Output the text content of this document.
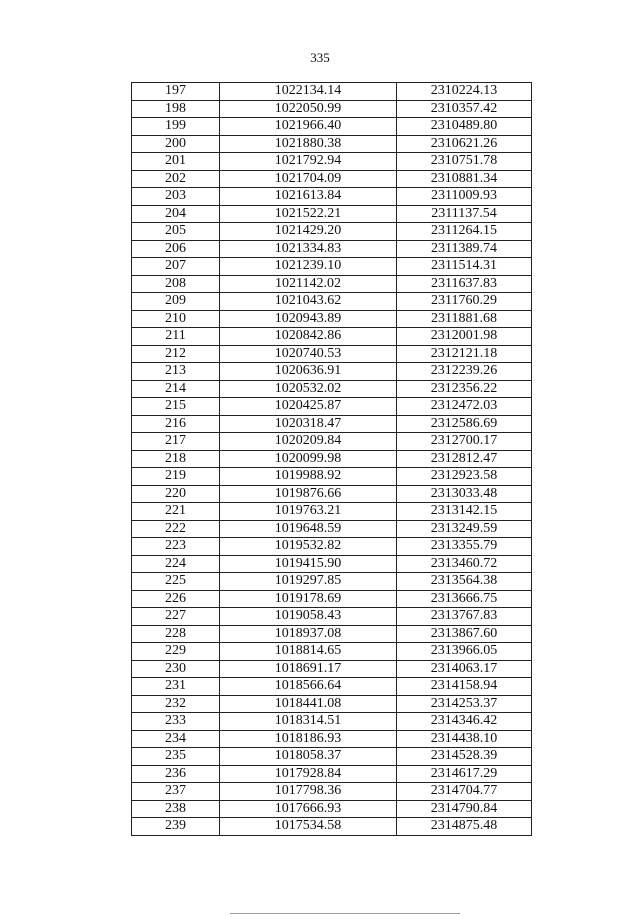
335
197	1022134.14	2310224.13
198	1022050.99	2310357.42
199	1021966.40	2310489.80
200	1021880.38	2310621.26
201	1021792.94	2310751.78
202	1021704.09	2310881.34
203	1021613.84	2311009.93
204	1021522.21	2311137.54
205	1021429.20	2311264.15
206	1021334.83	2311389.74
207	1021239.10	2311514.31
208	1021142.02	2311637.83
209	1021043.62	2311760.29
210	1020943.89	2311881.68
211	1020842.86	2312001.98
212	1020740.53	2312121.18
213	1020636.91	2312239.26
214	1020532.02	2312356.22
215	1020425.87	2312472.03
216	1020318.47	2312586.69
217	1020209.84	2312700.17
218	1020099.98	2312812.47
219	1019988.92	2312923.58
220	1019876.66	2313033.48
221	1019763.21	2313142.15
222	1019648.59	2313249.59
223	1019532.82	2313355.79
224	1019415.90	2313460.72
225	1019297.85	2313564.38
226	1019178.69	2313666.75
227	1019058.43	2313767.83
228	1018937.08	2313867.60
229	1018814.65	2313966.05
230	1018691.17	2314063.17
231	1018566.64	2314158.94
232	1018441.08	2314253.37
233	1018314.51	2314346.42
234	1018186.93	2314438.10
235	1018058.37	2314528.39
236	1017928.84	2314617.29
237	1017798.36	2314704.77
238	1017666.93	2314790.84
239	1017534.58	2314875.48
